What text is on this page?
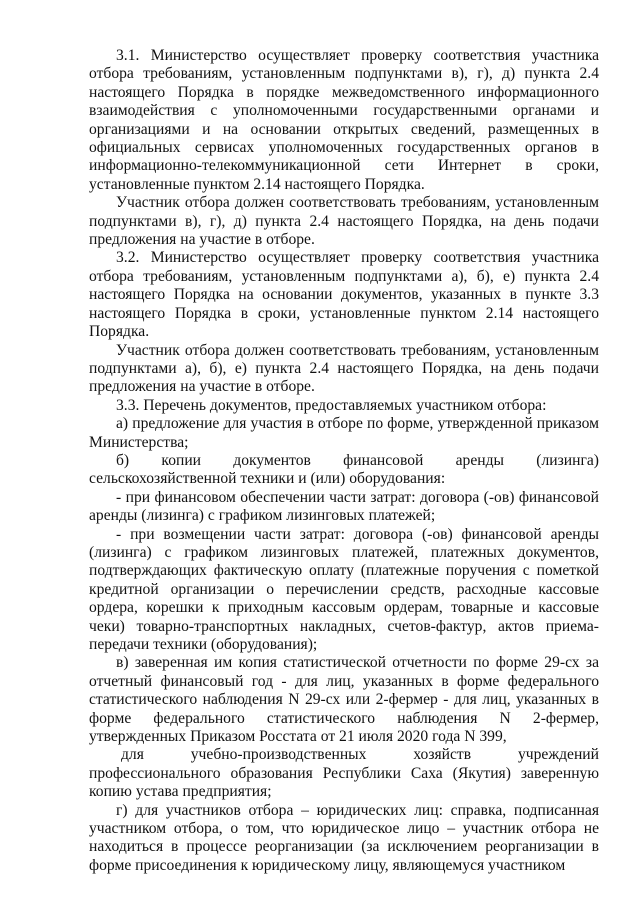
3.1. Министерство осуществляет проверку соответствия участника отбора требованиям, установленным подпунктами в), г), д) пункта 2.4 настоящего Порядка в порядке межведомственного информационного взаимодействия с уполномоченными государственными органами и организациями и на основании открытых сведений, размещенных в официальных сервисах уполномоченных государственных органов в информационно-телекоммуникационной сети Интернет в сроки, установленные пунктом 2.14 настоящего Порядка.

Участник отбора должен соответствовать требованиям, установленным подпунктами в), г), д) пункта 2.4 настоящего Порядка, на день подачи предложения на участие в отборе.

3.2. Министерство осуществляет проверку соответствия участника отбора требованиям, установленным подпунктами а), б), е) пункта 2.4 настоящего Порядка на основании документов, указанных в пункте 3.3 настоящего Порядка в сроки, установленные пунктом 2.14 настоящего Порядка.

Участник отбора должен соответствовать требованиям, установленным подпунктами а), б), е) пункта 2.4 настоящего Порядка, на день подачи предложения на участие в отборе.

3.3. Перечень документов, предоставляемых участником отбора:

а) предложение для участия в отборе по форме, утвержденной приказом Министерства;

б) копии документов финансовой аренды (лизинга) сельскохозяйственной техники и (или) оборудования:

- при финансовом обеспечении части затрат: договора (-ов) финансовой аренды (лизинга) с графиком лизинговых платежей;

- при возмещении части затрат: договора (-ов) финансовой аренды (лизинга) с графиком лизинговых платежей, платежных документов, подтверждающих фактическую оплату (платежные поручения с пометкой кредитной организации о перечислении средств, расходные кассовые ордера, корешки к приходным кассовым ордерам, товарные и кассовые чеки) товарно-транспортных накладных, счетов-фактур, актов приема-передачи техники (оборудования);

в) заверенная им копия статистической отчетности по форме 29-сх за отчетный финансовый год - для лиц, указанных в форме федерального статистического наблюдения N 29-сх или 2-фермер - для лиц, указанных в форме федерального статистического наблюдения N 2-фермер, утвержденных Приказом Росстата от 21 июля 2020 года N 399,

для учебно-производственных хозяйств учреждений профессионального образования Республики Саха (Якутия) заверенную копию устава предприятия;

г) для участников отбора – юридических лиц: справка, подписанная участником отбора, о том, что юридическое лицо – участник отбора не находиться в процессе реорганизации (за исключением реорганизации в форме присоединения к юридическому лицу, являющемуся участником
